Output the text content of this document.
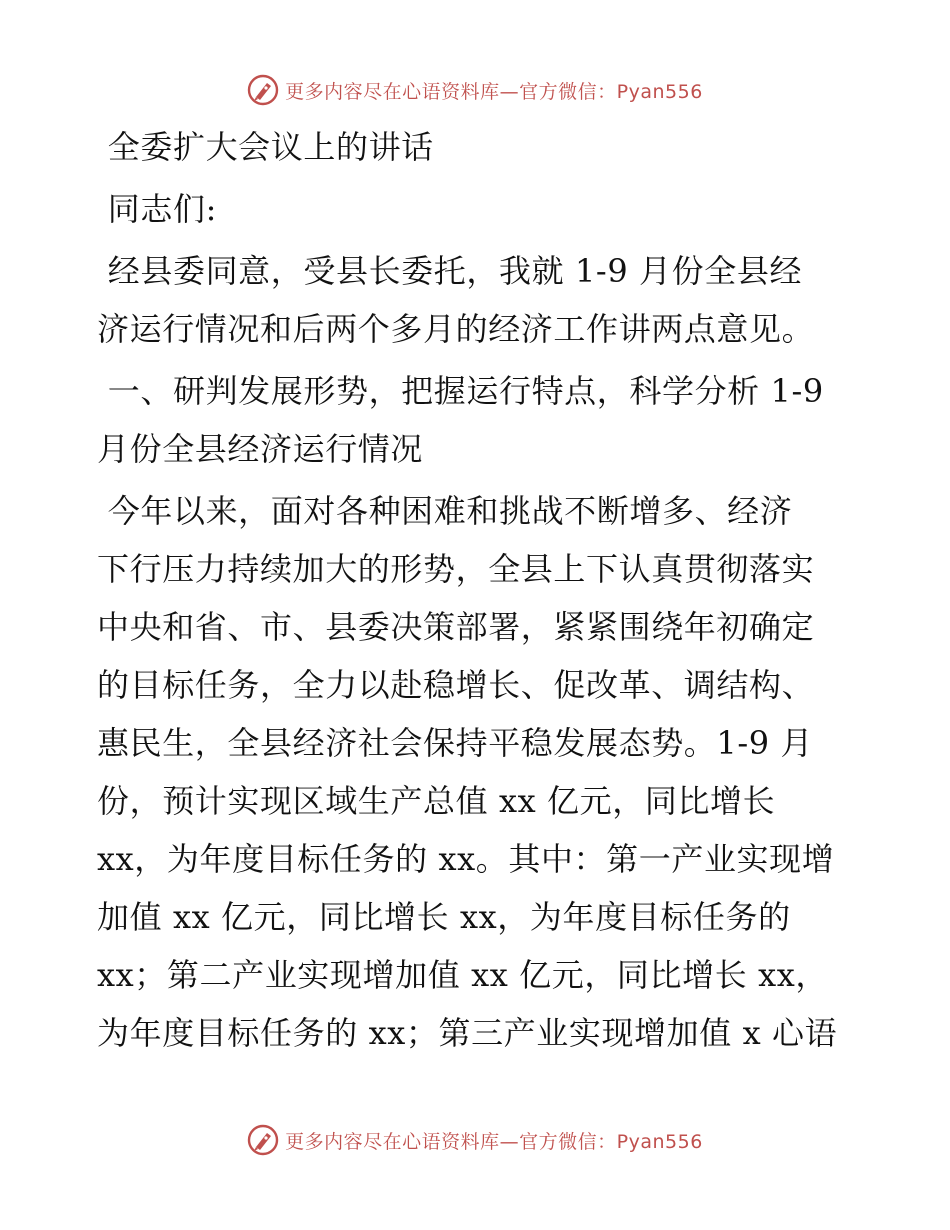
更多内容尽在心语资料库—官方微信：Pyan556

全委扩大会议上的讲话

同志们:

经县委同意，受县长委托，我就 1-9 月份全县经

济运行情况和后两个多月的经济工作讲两点意见。

一、研判发展形势，把握运行特点，科学分析 1-9

月份全县经济运行情况

今年以来，面对各种困难和挑战不断增多、经济

下行压力持续加大的形势，全县上下认真贯彻落实

中央和省、市、县委决策部署，紧紧围绕年初确定

的目标任务，全力以赴稳增长、促改革、调结构、

惠民生，全县经济社会保持平稳发展态势。1-9 月

份，预计实现区域生产总值 xx 亿元，同比增长

xx，为年度目标任务的 xx。其中：第一产业实现增

加值 xx 亿元，同比增长 xx，为年度目标任务的

xx；第二产业实现增加值 xx 亿元，同比增长 xx，

为年度目标任务的 xx；第三产业实现增加值 x 心语

更多内容尽在心语资料库—官方微信：Pyan556
